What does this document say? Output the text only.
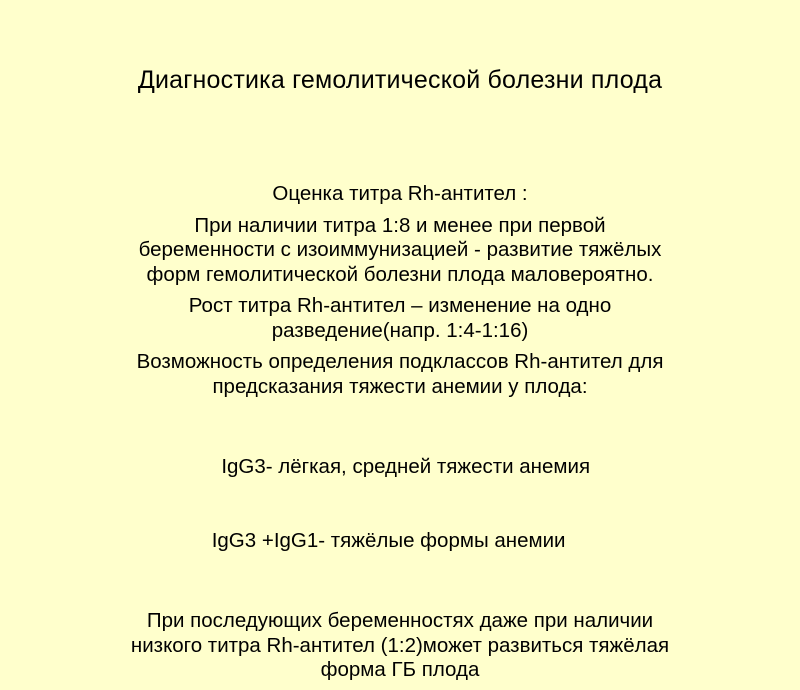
Диагностика гемолитической болезни плода
Оценка титра Rh-антител :
При наличии титра 1:8 и менее при первой
беременности с изоиммунизацией - развитие тяжёлых
форм гемолитической болезни плода маловероятно.
Рост титра Rh-антител – изменение на одно
разведение(напр. 1:4-1:16)
Возможность определения подклассов Rh-антител для
предсказания тяжести анемии у плода:

IgG3- лёгкая, средней тяжести анемия

IgG3 +IgG1- тяжёлые формы анемии

При последующих беременностях даже при наличии
низкого титра Rh-антител (1:2)может развиться тяжёлая
форма ГБ плода
